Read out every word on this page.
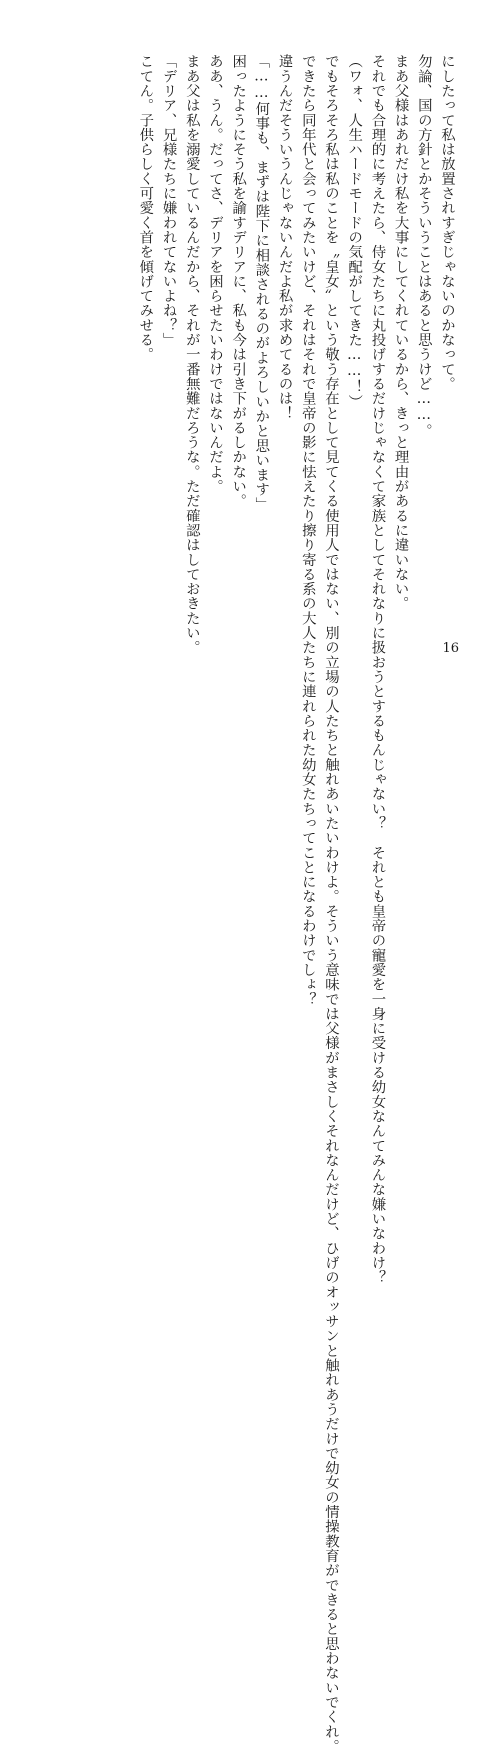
にしたって私は放置されすぎじゃないのかなって。
勿論、国の方針とかそういうことはあると思うけど……。
まあ父様はあれだけ私を大事にしてくれているから、きっと理由があるに違いない。
それでも合理的に考えたら、侍女たちに丸投げするだけじゃなくて家族としてそれなりに扱おうとするもんじゃない？　それとも皇帝の寵愛を一身に受ける幼女なんてみんな嫌いなわけ？
（ワォ、人生ハードモードの気配がしてきた……！）
でもそろそろ私は私のことを〝皇女〟という敬う存在として見てくる使用人ではない、別の立場の人たちと触れあいたいわけよ。そういう意味では父様がまさしくそれなんだけど、ひげのオッサンと触れあうだけで幼女の情操教育ができると思わないでくれ。
できたら同年代と会ってみたいけど、それはそれで皇帝の影に怯えたり擦り寄る系の大人たちに連れられた幼女たちってことになるわけでしょ？
違うんだそういうんじゃないんだよ私が求めてるのは！
「……何事も、まずは陛下に相談されるのがよろしいかと思います」
困ったようにそう私を諭すデリアに、私も今は引き下がるしかない。
ああ、うん。だってさ、デリアを困らせたいわけではないんだよ。
まあ父は私を溺愛しているんだから、それが一番無難だろうな。ただ確認はしておきたい。
「デリア、兄様たちに嫌われてないよね？」
こてん。子供らしく可愛く首を傾げてみせる。
16
